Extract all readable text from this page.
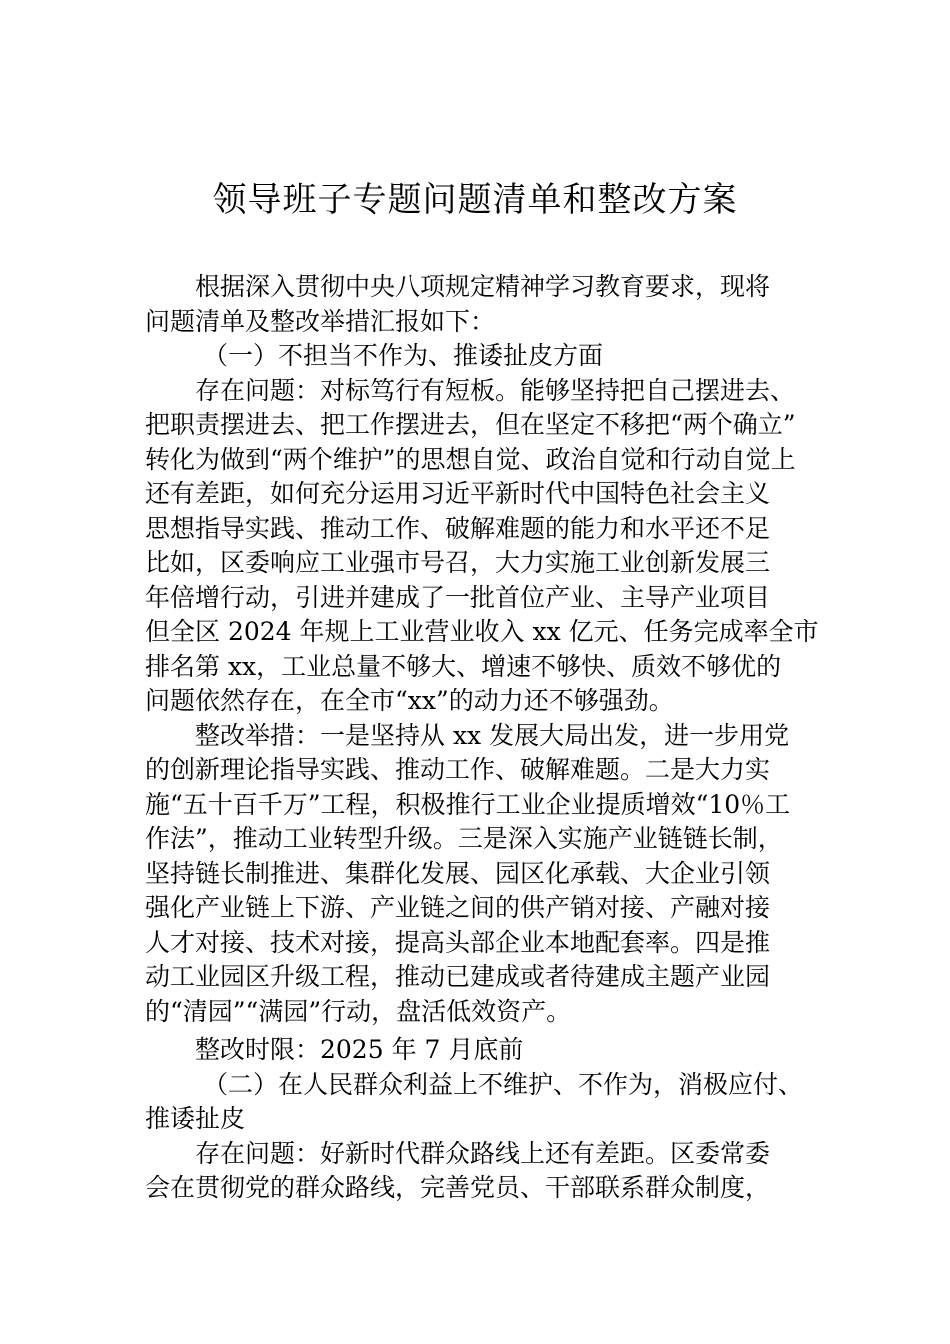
领导班子专题问题清单和整改方案

根据深入贯彻中央八项规定精神学习教育要求，现将

问题清单及整改举措汇报如下：

（一）不担当不作为、推诿扯皮方面

存在问题：对标笃行有短板。能够坚持把自己摆进去、

把职责摆进去、把工作摆进去，但在坚定不移把“两个确立”

转化为做到“两个维护”的思想自觉、政治自觉和行动自觉上

还有差距，如何充分运用习近平新时代中国特色社会主义

思想指导实践、推动工作、破解难题的能力和水平还不足

比如，区委响应工业强市号召，大力实施工业创新发展三

年倍增行动，引进并建成了一批首位产业、主导产业项目

但全区 2024 年规上工业营业收入 xx 亿元、任务完成率全市

排名第 xx，工业总量不够大、增速不够快、质效不够优的

问题依然存在，在全市“xx”的动力还不够强劲。

整改举措：一是坚持从 xx 发展大局出发，进一步用党

的创新理论指导实践、推动工作、破解难题。二是大力实

施“五十百千万”工程，积极推行工业企业提质增效“10％工

作法”，推动工业转型升级。三是深入实施产业链链长制，

坚持链长制推进、集群化发展、园区化承载、大企业引领

强化产业链上下游、产业链之间的供产销对接、产融对接

人才对接、技术对接，提高头部企业本地配套率。四是推

动工业园区升级工程，推动已建成或者待建成主题产业园

的“清园”“满园”行动，盘活低效资产。

整改时限：2025 年 7 月底前

（二）在人民群众利益上不维护、不作为，消极应付、

推诿扯皮

存在问题：好新时代群众路线上还有差距。区委常委

会在贯彻党的群众路线，完善党员、干部联系群众制度，
